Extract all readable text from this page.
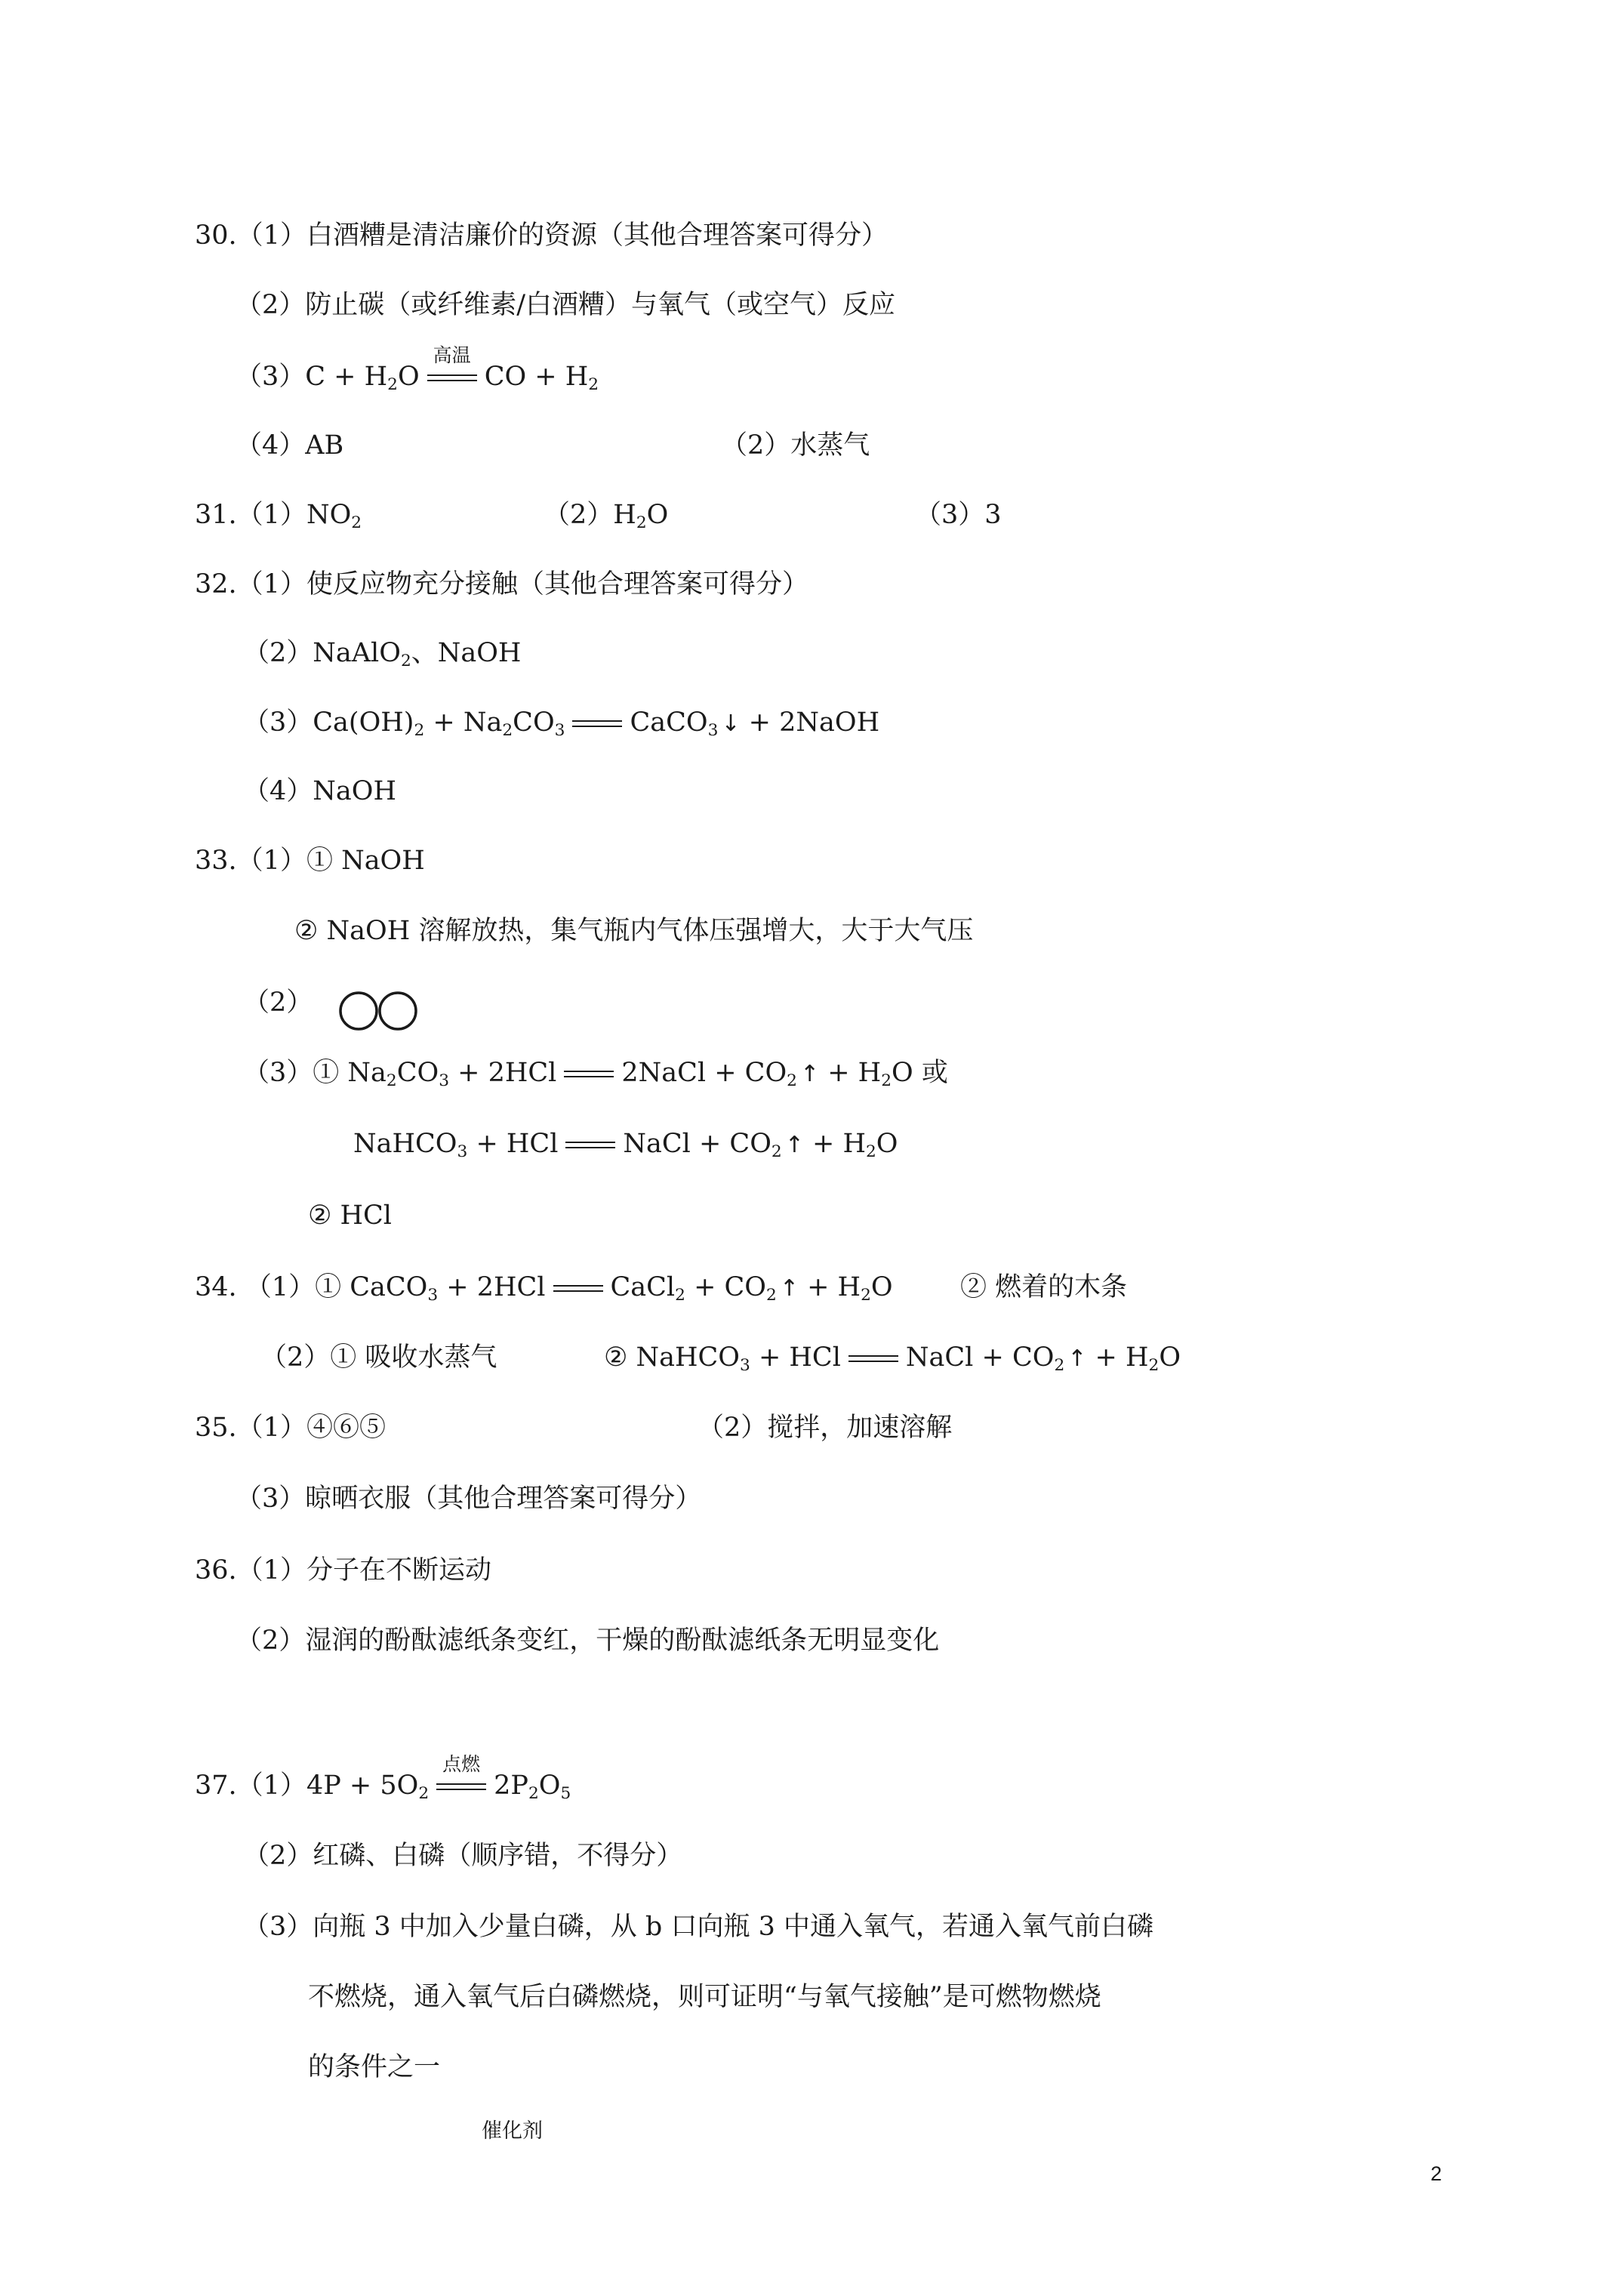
30.（1）白酒糟是清洁廉价的资源（其他合理答案可得分）
（2）防止碳（或纤维素/白酒糟）与氧气（或空气）反应
$(3)C + H_2O$
高温
CO + $H_2$
（4）AB	（2）水蒸气
$31.(1)NO_2$	$(2)H_2O$	（3）3
32.（1）使反应物充分接触（其他合理答案可得分）
（2）NaAlO$_2$、NaOH
$(3)Ca(OH)_2 + Na_2CO_3$ CaCO$_3$ ↓ + 2NaOH
（4）NaOH
33.（1）① NaOH
② NaOH 溶解放热，集气瓶内气体压强增大，大于大气压
（2）
（3）① $Na_2CO_3 + 2HCl$ 2NaCl + $CO_2$ ↑ + $H_2O$ 或
NaHCO$_3$ + HCl NaCl + $CO_2$ ↑ + $H_2O$
② HCl
34. （1）① CaCO$_3$ + 2HCl CaCl$_2$ + $CO_2$ ↑ + $H_2O$	② 燃着的木条
（2）① 吸收水蒸气	② NaHCO$_3$ + HCl NaCl + $CO_2$ ↑ + $H_2O$
35.（1）④⑥⑤	（2）搅拌，加速溶解
（3）晾晒衣服（其他合理答案可得分）
36.（1）分子在不断运动
（2）湿润的酚酞滤纸条变红，干燥的酚酞滤纸条无明显变化
$37.(1)4P + 5O_2$
点燃
$2P_2O_5$
（2）红磷、白磷（顺序错，不得分）
（3）向瓶 3 中加入少量白磷，从 b 口向瓶 3 中通入氧气，若通入氧气前白磷
不燃烧，通入氧气后白磷燃烧，则可证明“与氧气接触”是可燃物燃烧
的条件之一
催化剂
2
